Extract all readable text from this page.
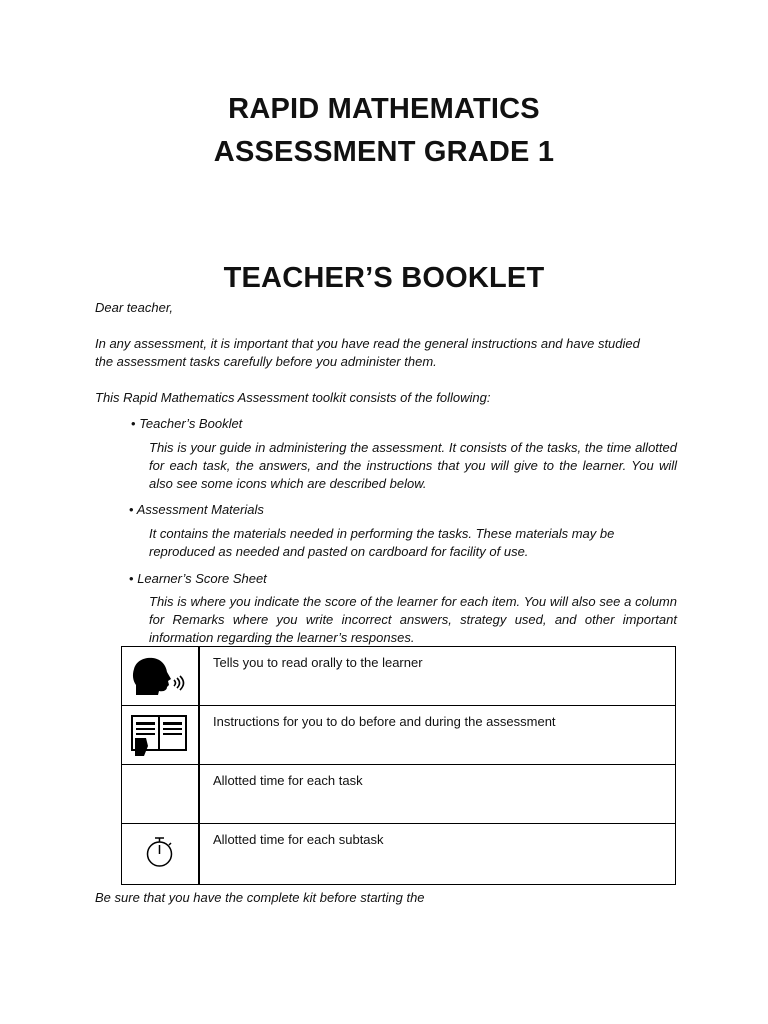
RAPID MATHEMATICS
ASSESSMENT GRADE 1
TEACHER’S BOOKLET
Dear teacher,
In any assessment, it is important that you have read the general instructions and have studied the assessment tasks carefully before you administer them.
This Rapid Mathematics Assessment toolkit consists of the following:
• Teacher’s Booklet
This is your guide in administering the assessment. It consists of the tasks, the time allotted for each task, the answers, and the instructions that you will give to the learner. You will also see some icons which are described below.
• Assessment Materials
It contains the materials needed in performing the tasks. These materials may be reproduced as needed and pasted on cardboard for facility of use.
• Learner’s Score Sheet
This is where you indicate the score of the learner for each item. You will also see a column for Remarks where you write incorrect answers, strategy used, and other important information regarding the learner’s responses.
	Tells you to read orally to the learner

	Instructions for you to do before and during the assessment
	Allotted time for each task

	Allotted time for each subtask
Be sure that you have the complete kit before starting the
